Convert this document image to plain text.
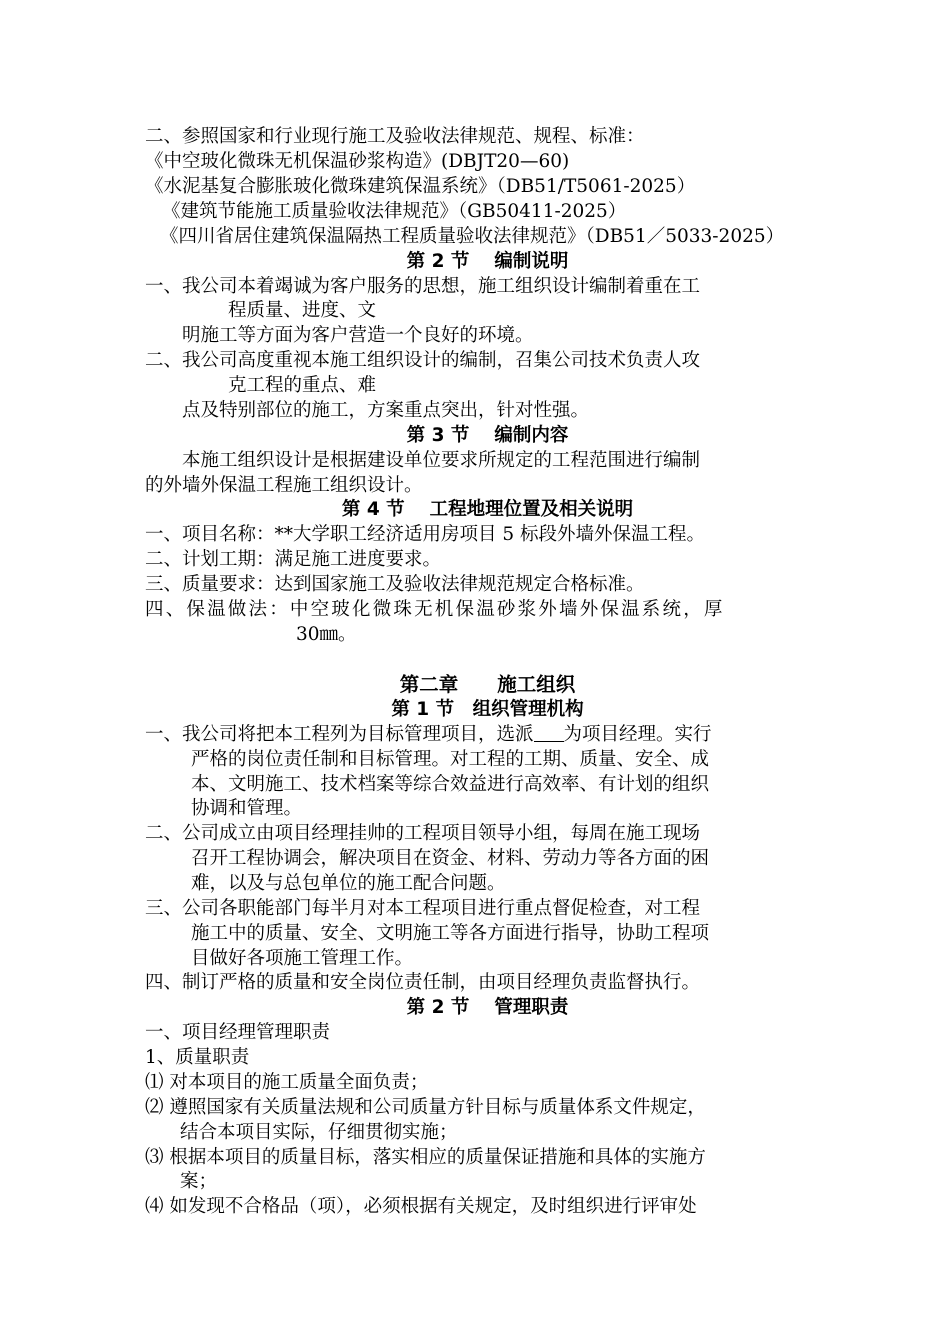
二、参照国家和行业现行施工及验收法律规范、规程、标准：
《中空玻化微珠无机保温砂浆构造》(DBJT20—60)
《水泥基复合膨胀玻化微珠建筑保温系统》（DB51/T5061-2025）
《建筑节能施工质量验收法律规范》（GB50411-2025）
《四川省居住建筑保温隔热工程质量验收法律规范》（DB51／5033-2025）
第 2 节　 编制说明
一、我公司本着竭诚为客户服务的思想，施工组织设计编制着重在工
程质量、进度、文
明施工等方面为客户营造一个良好的环境。
二、我公司高度重视本施工组织设计的编制，召集公司技术负责人攻
克工程的重点、难
点及特别部位的施工，方案重点突出，针对性强。
第 3 节　 编制内容
本施工组织设计是根据建设单位要求所规定的工程范围进行编制
的外墙外保温工程施工组织设计。
第 4 节　 工程地理位置及相关说明
一、项目名称：**大学职工经济适用房项目 5 标段外墙外保温工程。
二、计划工期：满足施工进度要求。
三、质量要求：达到国家施工及验收法律规范规定合格标准。
四、保温做法：中空玻化微珠无机保温砂浆外墙外保温系统，厚
30㎜。
第二章　　施工组织
第 1 节　组织管理机构
一、我公司将把本工程列为目标管理项目，选派 为项目经理。实行
严格的岗位责任制和目标管理。对工程的工期、质量、安全、成
本、文明施工、技术档案等综合效益进行高效率、有计划的组织
协调和管理。
二、公司成立由项目经理挂帅的工程项目领导小组，每周在施工现场
召开工程协调会，解决项目在资金、材料、劳动力等各方面的困
难，以及与总包单位的施工配合问题。
三、公司各职能部门每半月对本工程项目进行重点督促检查，对工程
施工中的质量、安全、文明施工等各方面进行指导，协助工程项
目做好各项施工管理工作。
四、制订严格的质量和安全岗位责任制，由项目经理负责监督执行。
第 2 节　 管理职责
一、项目经理管理职责
1、质量职责
⑴ 对本项目的施工质量全面负责；
⑵ 遵照国家有关质量法规和公司质量方针目标与质量体系文件规定，
结合本项目实际，仔细贯彻实施；
⑶ 根据本项目的质量目标，落实相应的质量保证措施和具体的实施方
案；
⑷ 如发现不合格品（项），必须根据有关规定，及时组织进行评审处
